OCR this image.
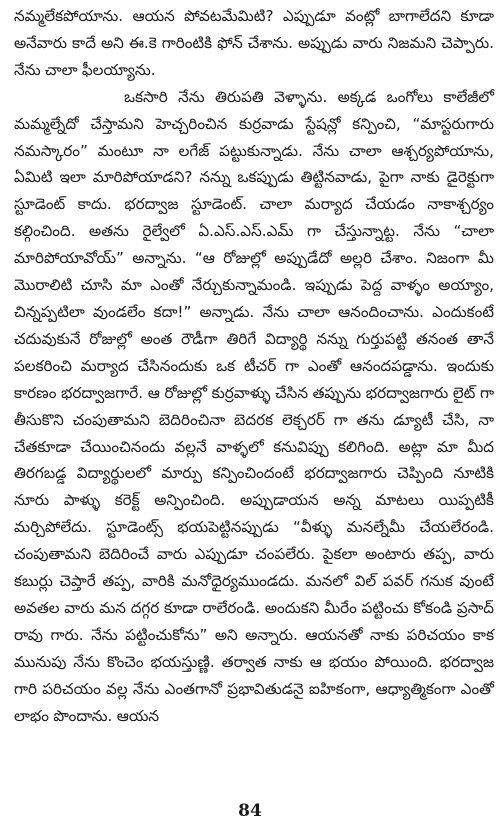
నమ్మలేకపోయాను. ఆయన పోవటమేమిటి? ఎప్పుడూ వంట్లో బాగాలేదని కూడా అనేవారు కాదే అని ఈ.కె గారింటికి ఫోన్ చేశాను. అప్పుడు వారు నిజమని చెప్పారు. నేను చాలా ఫీలయ్యాను.

ఒకసారి నేను తిరుపతి వెళ్ళాను. అక్కడ ఒంగోలు కాలేజీలో మమ్మల్నేదో చేస్తామని హెచ్చరించిన కుర్రవాడు స్టేషన్లో కన్పించి, “మాస్టరుగారు నమస్కారం” మంటూ నా లగేజ్ పట్టుకున్నాడు. నేను చాలా ఆశ్చర్యపోయాను, ఏమిటి ఇలా మారిపోయాడని? నన్ను ఒకప్పుడు తిట్టినవాడు, పైగా నాకు డైరెక్టుగా స్టూడెంట్ కాదు. భరద్వాజ స్టూడెంట్. చాలా మర్యాద చేయడం నాకాశ్చర్యం కల్గించింది. అతను రైల్వేలో ఏ.ఎస్.ఎస్.ఎమ్ గా చేస్తున్నాట్ట. నేను “చాలా మారిపోయావోయ్” అన్నాను. “ఆ రోజుల్లో అప్పుడేదో అల్లరి చేశాం. నిజంగా మీ మొరాలిటి చూసి మా ఎంతో నేర్చుకున్నామండి. ఇప్పుడు పెద్ద వాళ్ళం అయ్యాం, చిన్నప్పటిలా వుండలేం కదా!” అన్నాడు. నేను చాలా ఆనందించాను. ఎందుకంటే చదువుకునే రోజుల్లో అంత రౌడీగా తిరిగే విద్యార్థి నన్ను గుర్తుపట్టి తనంత తానే పలకరించి మర్యాద చేసినందుకు ఒక టీచర్ గా ఎంతో ఆనందపడ్డాను. ఇందుకు కారణం భరద్వాజగారే. ఆ రోజుల్లో కుర్రవాళ్ళు చేసిన తప్పును భరద్వాజగారు లైట్ గా తీసుకొని చంపుతామని బెదిరించినా బెదరక లెక్చరర్ గా తను డ్యూటీ చేసి, నా చేతకూడా చేయించినందు వల్లనే వాళ్ళలో కనువిప్పు కలిగింది. అట్లా మా మీద తిరగబడ్డ విద్యార్థులలో మార్పు కన్పించిందంటే భరద్వాజగారు చెప్పింది నూటికి నూరు పాళ్ళు కరెక్ట్ అన్పించింది. అప్పుడాయన అన్న మాటలు యిప్పటికీ మర్చిపోలేదు. స్టూడెంట్స్ భయపెట్టినప్పుడు “వీళ్ళు మనల్నేమీ చేయలేరండి. చంపుతామని బెదిరించే వారు ఎప్పుడూ చంపలేరు. పైకలా అంటారు తప్ప, వారు కబుర్లు చెప్తారే తప్ప, వారికి మనోధైర్యముండదు. మనలో విల్ పవర్ గనుక వుంటే అవతల వారు మన దగ్గర కూడా రాలేరండి. అందుకని మీరేం పట్టించు కోకండి ప్రసాద్ రావు గారు. నేను పట్టించుకోను” అని అన్నారు. ఆయనతో నాకు పరిచయం కాక మునుపు నేను కొంచెం భయస్తుణ్ణి. తర్వాత నాకు ఆ భయం పోయింది. భరద్వాజ గారి పరిచయం వల్ల నేను ఎంతగానో ప్రభావితుడనై ఐహికంగా, ఆధ్యాత్మికంగా ఎంతో లాభం పొందాను. ఆయన

84
